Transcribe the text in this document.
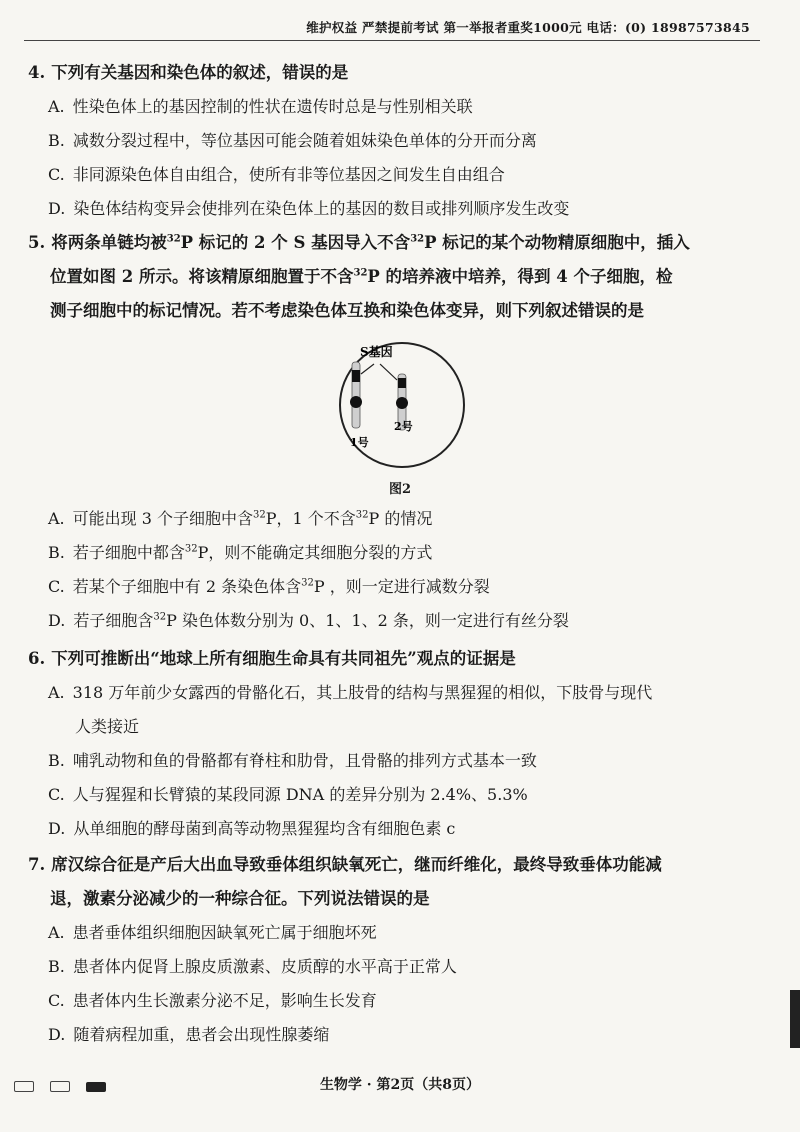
维护权益 严禁提前考试 第一举报者重奖1000元 电话：(0) 18987573845
4. 下列有关基因和染色体的叙述，错误的是
A. 性染色体上的基因控制的性状在遗传时总是与性别相关联
B. 减数分裂过程中，等位基因可能会随着姐妹染色单体的分开而分离
C. 非同源染色体自由组合，使所有非等位基因之间发生自由组合
D. 染色体结构变异会使排列在染色体上的基因的数目或排列顺序发生改变
5. 将两条单链均被$^{32}$P 标记的 2 个 S 基因导入不含$^{32}$P 标记的某个动物精原细胞中，插入
位置如图 2 所示。将该精原细胞置于不含$^{32}$P 的培养液中培养，得到 4 个子细胞，检
测子细胞中的标记情况。若不考虑染色体互换和染色体变异，则下列叙述错误的是
S基因
1号
2号
图2
A. 可能出现 3 个子细胞中含$^{32}$P，1 个不含$^{32}$P 的情况
B. 若子细胞中都含$^{32}$P，则不能确定其细胞分裂的方式
C. 若某个子细胞中有 2 条染色体含$^{32}$P ，则一定进行减数分裂
D. 若子细胞含$^{32}$P 染色体数分别为 0、1、1、2 条，则一定进行有丝分裂
6. 下列可推断出“地球上所有细胞生命具有共同祖先”观点的证据是
A. 318 万年前少女露西的骨骼化石，其上肢骨的结构与黑猩猩的相似，下肢骨与现代
人类接近
B. 哺乳动物和鱼的骨骼都有脊柱和肋骨，且骨骼的排列方式基本一致
C. 人与猩猩和长臂猿的某段同源 DNA 的差异分别为 2.4%、5.3%
D. 从单细胞的酵母菌到高等动物黑猩猩均含有细胞色素 c
7. 席汉综合征是产后大出血导致垂体组织缺氧死亡，继而纤维化，最终导致垂体功能减
退，激素分泌减少的一种综合征。下列说法错误的是
A. 患者垂体组织细胞因缺氧死亡属于细胞坏死
B. 患者体内促肾上腺皮质激素、皮质醇的水平高于正常人
C. 患者体内生长激素分泌不足，影响生长发育
D. 随着病程加重，患者会出现性腺萎缩
生物学 · 第2页（共8页）
